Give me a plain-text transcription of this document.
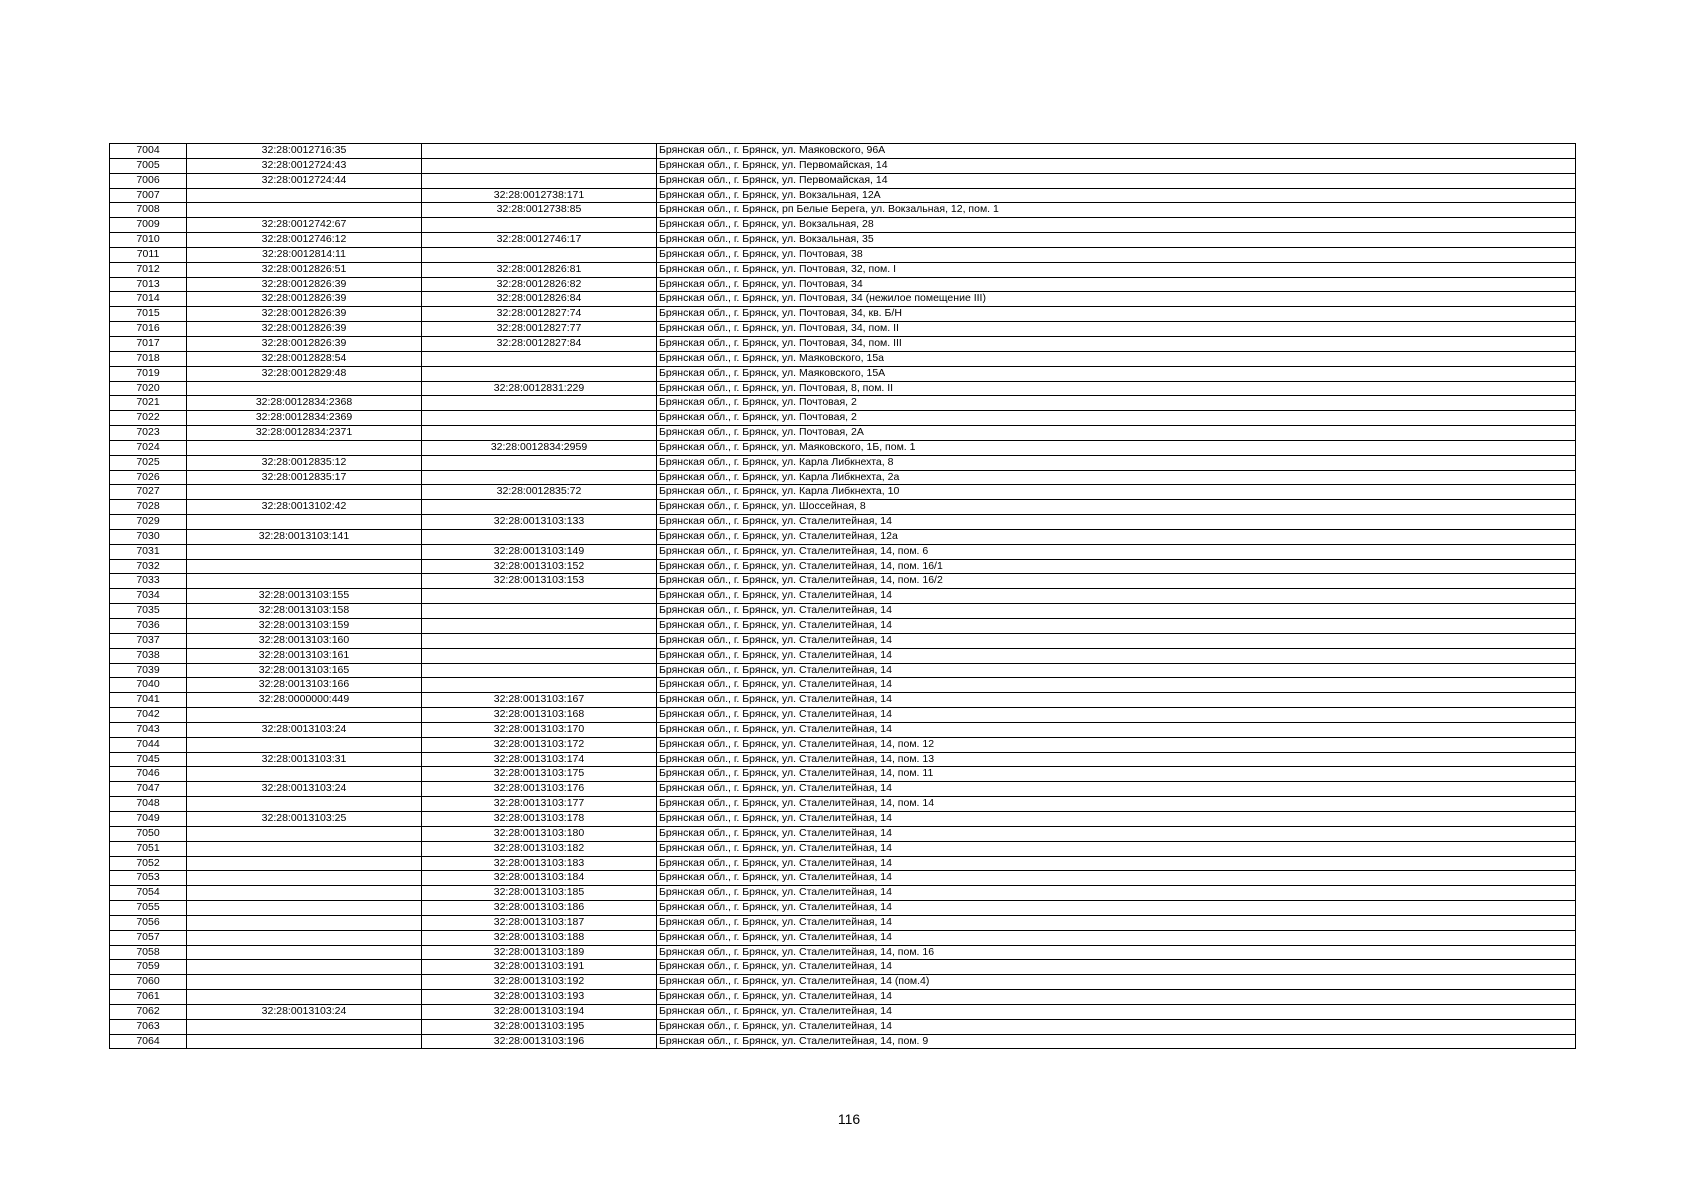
7004	32:28:0012716:35		Брянская обл., г. Брянск, ул. Маяковского, 96А
7005	32:28:0012724:43		Брянская обл., г. Брянск, ул. Первомайская, 14
7006	32:28:0012724:44		Брянская обл., г. Брянск, ул. Первомайская, 14
7007		32:28:0012738:171	Брянская обл., г. Брянск, ул. Вокзальная, 12А
7008		32:28:0012738:85	Брянская обл., г. Брянск, рп Белые Берега, ул. Вокзальная, 12, пом. 1
7009	32:28:0012742:67		Брянская обл., г. Брянск, ул. Вокзальная, 28
7010	32:28:0012746:12	32:28:0012746:17	Брянская обл., г. Брянск, ул. Вокзальная, 35
7011	32:28:0012814:11		Брянская обл., г. Брянск, ул. Почтовая, 38
7012	32:28:0012826:51	32:28:0012826:81	Брянская обл., г. Брянск, ул. Почтовая, 32, пом. I
7013	32:28:0012826:39	32:28:0012826:82	Брянская обл., г. Брянск, ул. Почтовая, 34
7014	32:28:0012826:39	32:28:0012826:84	Брянская обл., г. Брянск, ул. Почтовая, 34 (нежилое помещение III)
7015	32:28:0012826:39	32:28:0012827:74	Брянская обл., г. Брянск, ул. Почтовая, 34, кв. Б/Н
7016	32:28:0012826:39	32:28:0012827:77	Брянская обл., г. Брянск, ул. Почтовая, 34, пом. II
7017	32:28:0012826:39	32:28:0012827:84	Брянская обл., г. Брянск, ул. Почтовая, 34, пом. III
7018	32:28:0012828:54		Брянская обл., г. Брянск, ул. Маяковского, 15а
7019	32:28:0012829:48		Брянская обл., г. Брянск, ул. Маяковского, 15А
7020		32:28:0012831:229	Брянская обл., г. Брянск, ул. Почтовая, 8, пом. II
7021	32:28:0012834:2368		Брянская обл., г. Брянск, ул. Почтовая, 2
7022	32:28:0012834:2369		Брянская обл., г. Брянск, ул. Почтовая, 2
7023	32:28:0012834:2371		Брянская обл., г. Брянск, ул. Почтовая, 2А
7024		32:28:0012834:2959	Брянская обл., г. Брянск, ул. Маяковского, 1Б, пом. 1
7025	32:28:0012835:12		Брянская обл., г. Брянск, ул. Карла Либкнехта, 8
7026	32:28:0012835:17		Брянская обл., г. Брянск, ул. Карла Либкнехта, 2а
7027		32:28:0012835:72	Брянская обл., г. Брянск, ул. Карла Либкнехта, 10
7028	32:28:0013102:42		Брянская обл., г. Брянск, ул. Шоссейная, 8
7029		32:28:0013103:133	Брянская обл., г. Брянск, ул. Сталелитейная, 14
7030	32:28:0013103:141		Брянская обл., г. Брянск, ул. Сталелитейная, 12а
7031		32:28:0013103:149	Брянская обл., г. Брянск, ул. Сталелитейная, 14, пом. 6
7032		32:28:0013103:152	Брянская обл., г. Брянск, ул. Сталелитейная, 14, пом. 16/1
7033		32:28:0013103:153	Брянская обл., г. Брянск, ул. Сталелитейная, 14, пом. 16/2
7034	32:28:0013103:155		Брянская обл., г. Брянск, ул. Сталелитейная, 14
7035	32:28:0013103:158		Брянская обл., г. Брянск, ул. Сталелитейная, 14
7036	32:28:0013103:159		Брянская обл., г. Брянск, ул. Сталелитейная, 14
7037	32:28:0013103:160		Брянская обл., г. Брянск, ул. Сталелитейная, 14
7038	32:28:0013103:161		Брянская обл., г. Брянск, ул. Сталелитейная, 14
7039	32:28:0013103:165		Брянская обл., г. Брянск, ул. Сталелитейная, 14
7040	32:28:0013103:166		Брянская обл., г. Брянск, ул. Сталелитейная, 14
7041	32:28:0000000:449	32:28:0013103:167	Брянская обл., г. Брянск, ул. Сталелитейная, 14
7042		32:28:0013103:168	Брянская обл., г. Брянск, ул. Сталелитейная, 14
7043	32:28:0013103:24	32:28:0013103:170	Брянская обл., г. Брянск, ул. Сталелитейная, 14
7044		32:28:0013103:172	Брянская обл., г. Брянск, ул. Сталелитейная, 14, пом. 12
7045	32:28:0013103:31	32:28:0013103:174	Брянская обл., г. Брянск, ул. Сталелитейная, 14, пом. 13
7046		32:28:0013103:175	Брянская обл., г. Брянск, ул. Сталелитейная, 14, пом. 11
7047	32:28:0013103:24	32:28:0013103:176	Брянская обл., г. Брянск, ул. Сталелитейная, 14
7048		32:28:0013103:177	Брянская обл., г. Брянск, ул. Сталелитейная, 14, пом. 14
7049	32:28:0013103:25	32:28:0013103:178	Брянская обл., г. Брянск, ул. Сталелитейная, 14
7050		32:28:0013103:180	Брянская обл., г. Брянск, ул. Сталелитейная, 14
7051		32:28:0013103:182	Брянская обл., г. Брянск, ул. Сталелитейная, 14
7052		32:28:0013103:183	Брянская обл., г. Брянск, ул. Сталелитейная, 14
7053		32:28:0013103:184	Брянская обл., г. Брянск, ул. Сталелитейная, 14
7054		32:28:0013103:185	Брянская обл., г. Брянск, ул. Сталелитейная, 14
7055		32:28:0013103:186	Брянская обл., г. Брянск, ул. Сталелитейная, 14
7056		32:28:0013103:187	Брянская обл., г. Брянск, ул. Сталелитейная, 14
7057		32:28:0013103:188	Брянская обл., г. Брянск, ул. Сталелитейная, 14
7058		32:28:0013103:189	Брянская обл., г. Брянск, ул. Сталелитейная, 14, пом. 16
7059		32:28:0013103:191	Брянская обл., г. Брянск, ул. Сталелитейная, 14
7060		32:28:0013103:192	Брянская обл., г. Брянск, ул. Сталелитейная, 14 (пом.4)
7061		32:28:0013103:193	Брянская обл., г. Брянск, ул. Сталелитейная, 14
7062	32:28:0013103:24	32:28:0013103:194	Брянская обл., г. Брянск, ул. Сталелитейная, 14
7063		32:28:0013103:195	Брянская обл., г. Брянск, ул. Сталелитейная, 14
7064		32:28:0013103:196	Брянская обл., г. Брянск, ул. Сталелитейная, 14, пом. 9
116
